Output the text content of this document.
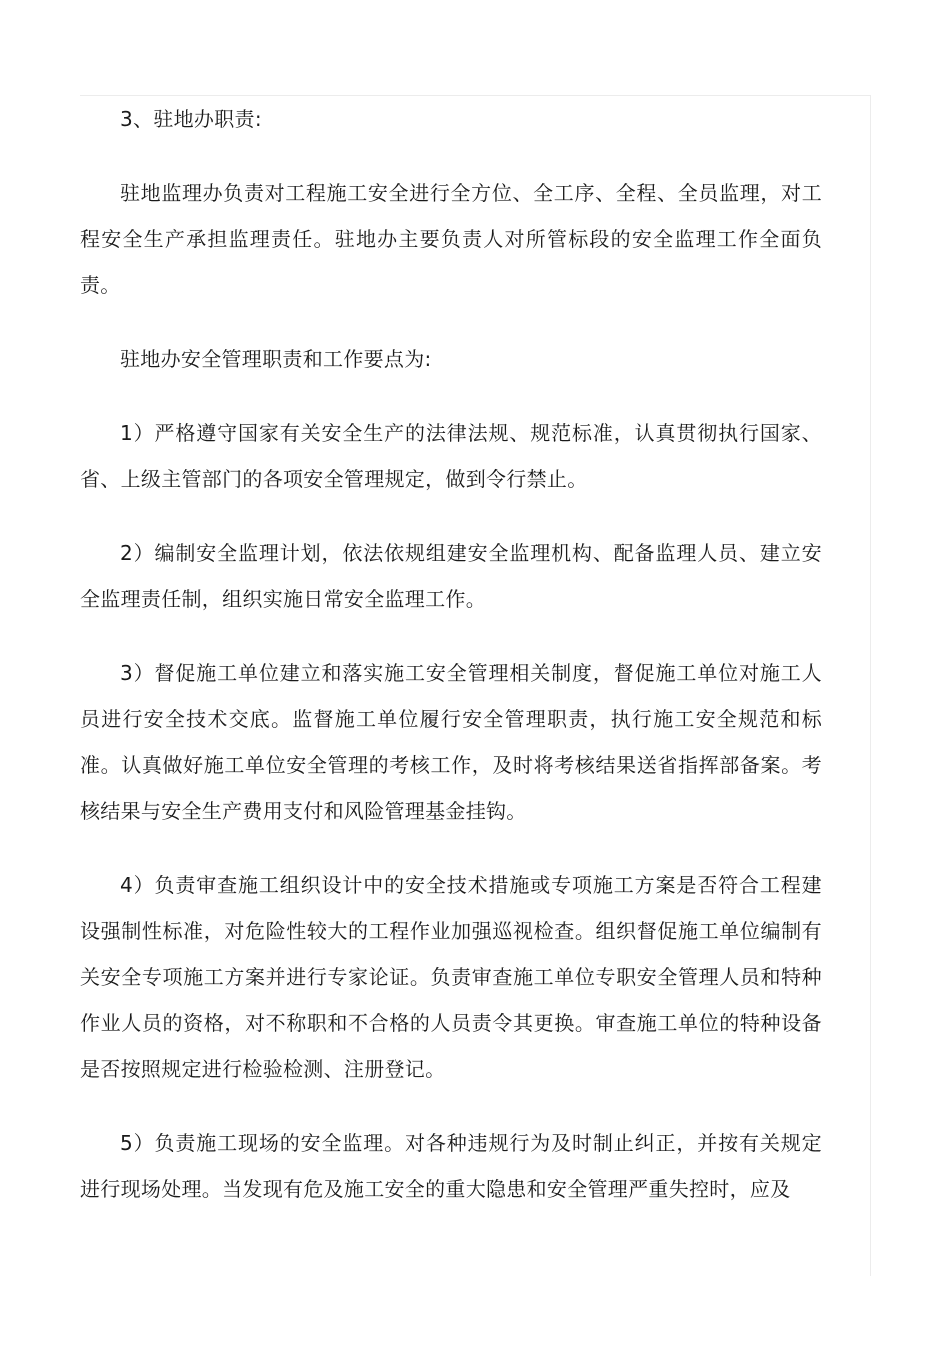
3、驻地办职责:

驻地监理办负责对工程施工安全进行全方位、全工序、全程、全员监理，对工程安全生产承担监理责任。驻地办主要负责人对所管标段的安全监理工作全面负责。

驻地办安全管理职责和工作要点为:

1）严格遵守国家有关安全生产的法律法规、规范标准，认真贯彻执行国家、省、上级主管部门的各项安全管理规定，做到令行禁止。

2）编制安全监理计划，依法依规组建安全监理机构、配备监理人员、建立安全监理责任制，组织实施日常安全监理工作。

3）督促施工单位建立和落实施工安全管理相关制度，督促施工单位对施工人员进行安全技术交底。监督施工单位履行安全管理职责，执行施工安全规范和标准。认真做好施工单位安全管理的考核工作，及时将考核结果送省指挥部备案。考核结果与安全生产费用支付和风险管理基金挂钩。

4）负责审查施工组织设计中的安全技术措施或专项施工方案是否符合工程建设强制性标准，对危险性较大的工程作业加强巡视检查。组织督促施工单位编制有关安全专项施工方案并进行专家论证。负责审查施工单位专职安全管理人员和特种作业人员的资格，对不称职和不合格的人员责令其更换。审查施工单位的特种设备是否按照规定进行检验检测、注册登记。

5）负责施工现场的安全监理。对各种违规行为及时制止纠正，并按有关规定进行现场处理。当发现有危及施工安全的重大隐患和安全管理严重失控时，应及
